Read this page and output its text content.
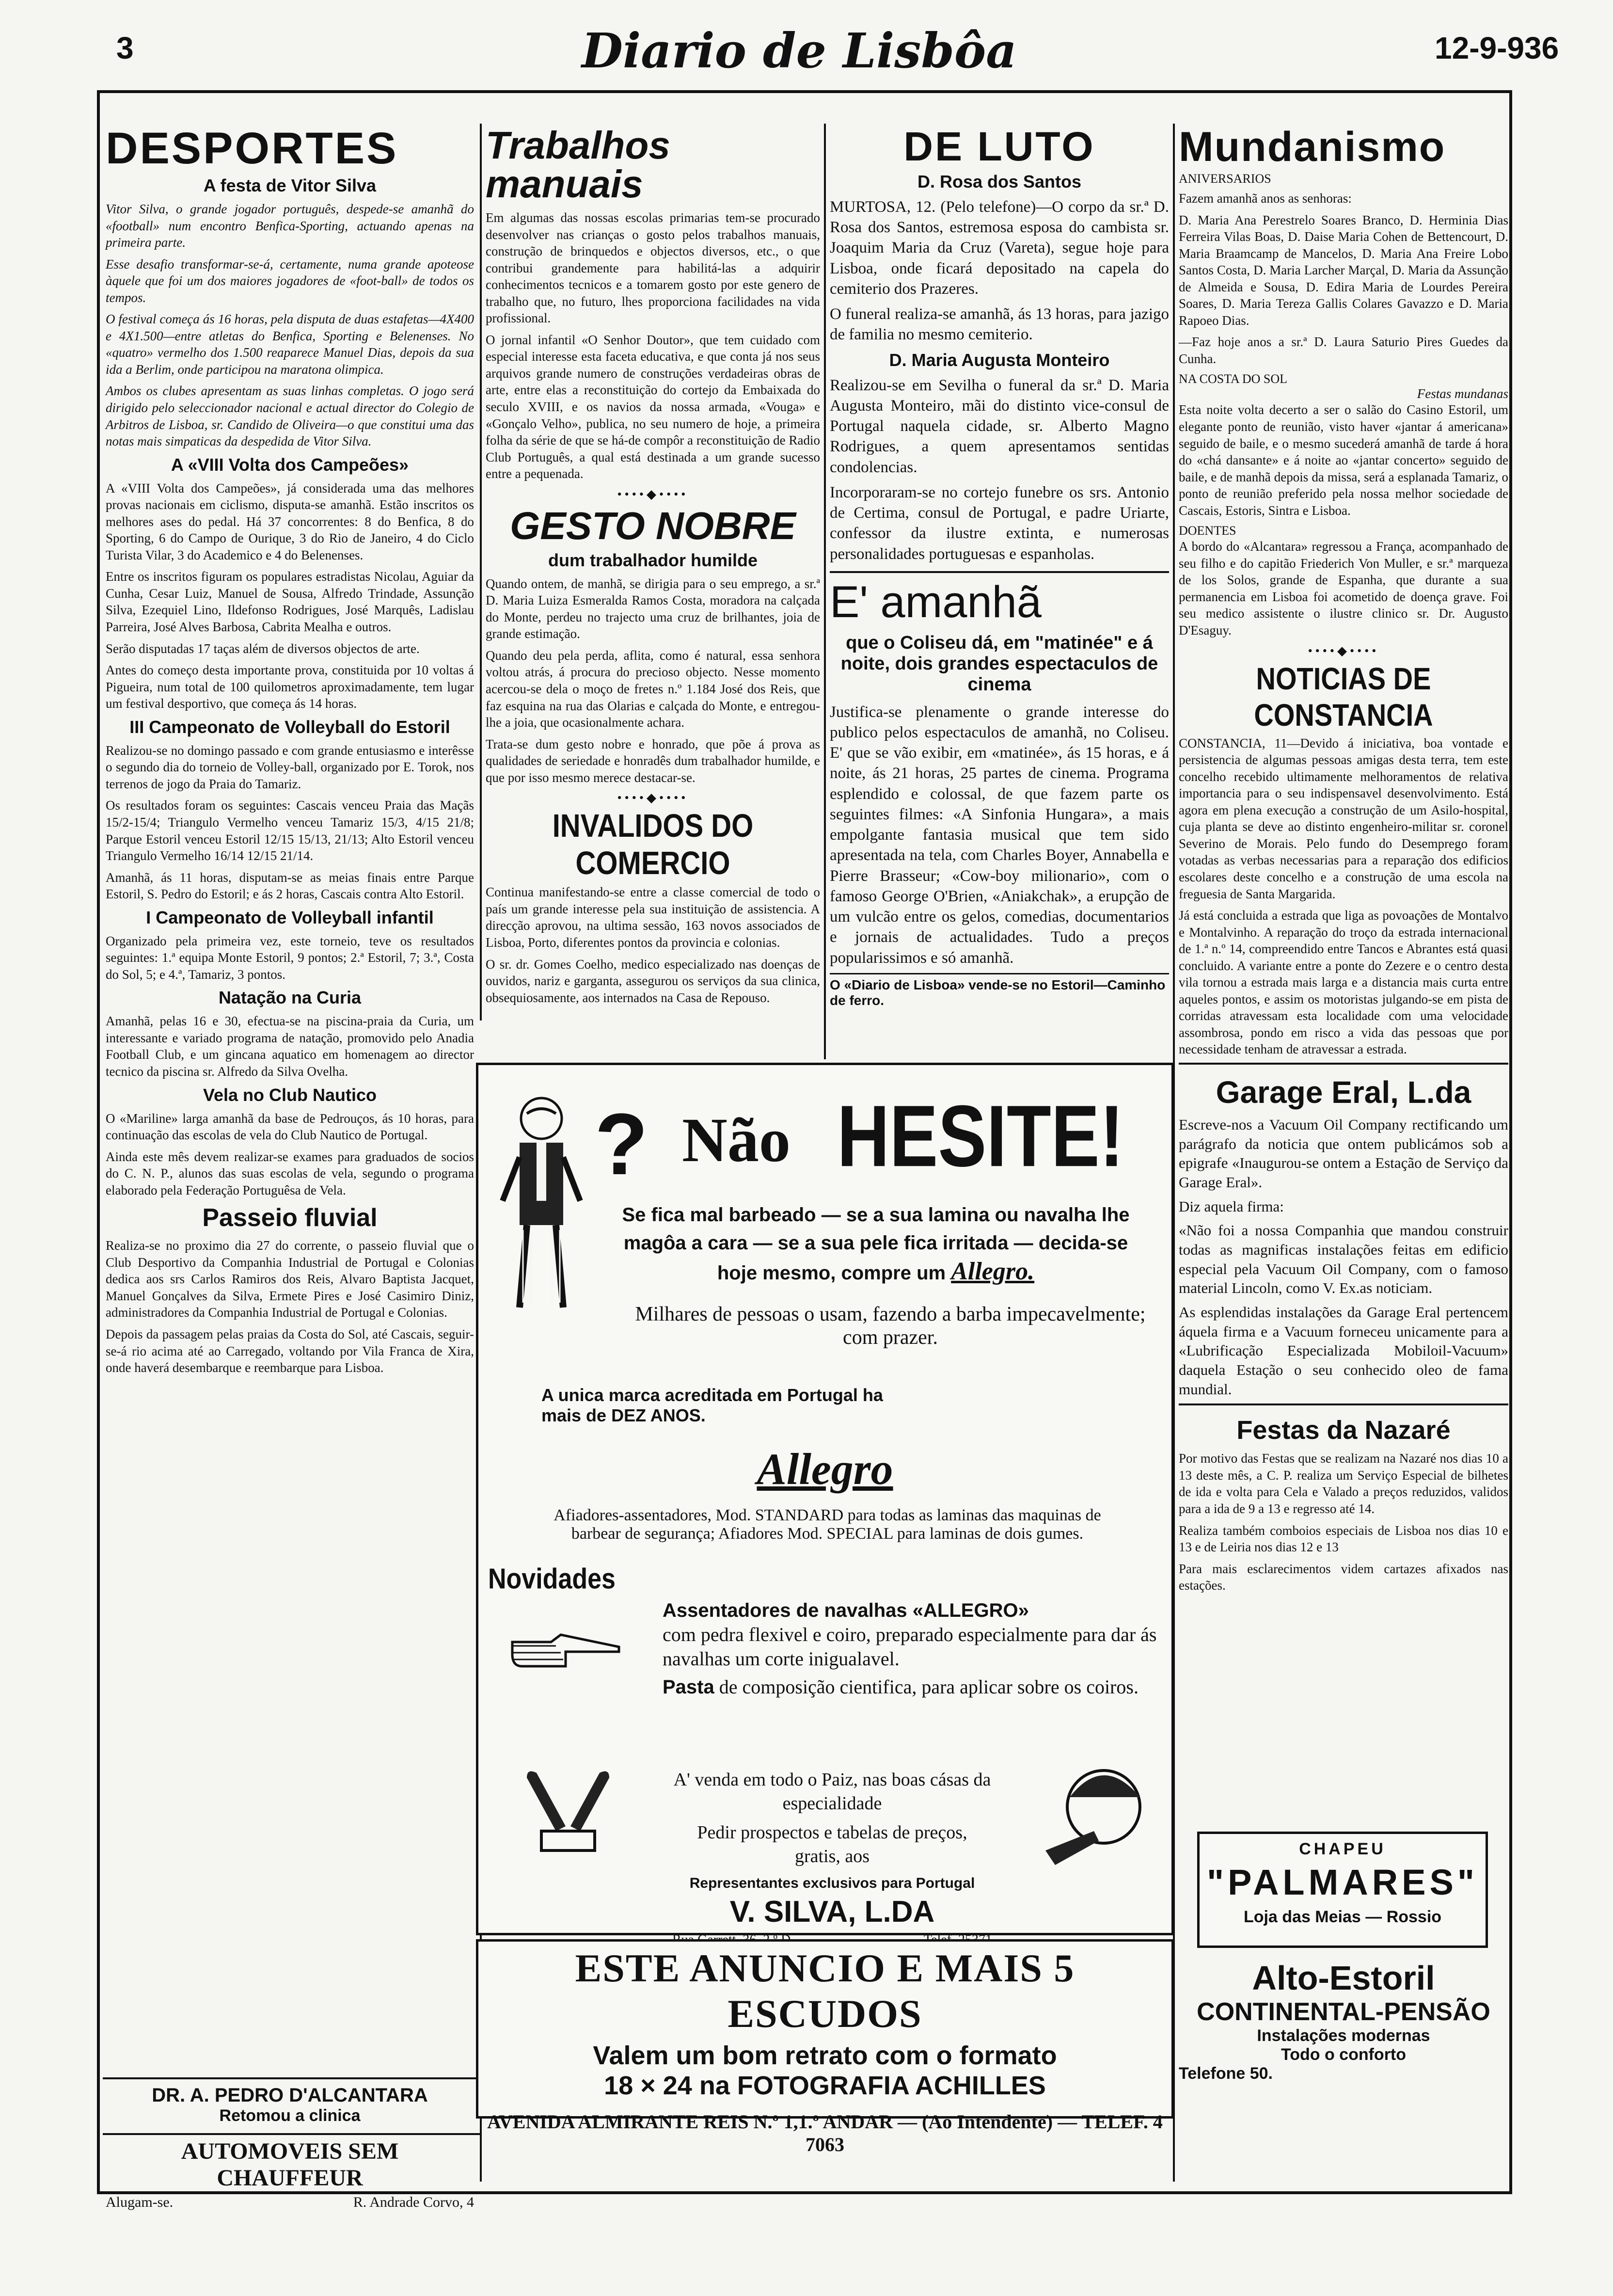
3	Diario de Lisbôa	12-9-936
DESPORTES
A festa de Vitor Silva

Vitor Silva, o grande jogador português, despede-se amanhã do «football» num encontro Benfica-Sporting, actuando apenas na primeira parte.

Esse desafio transformar-se-á, certamente, numa grande apoteose àquele que foi um dos maiores jogadores de «foot-ball» de todos os tempos.

O festival começa ás 16 horas, pela disputa de duas estafetas—4X400 e 4X1.500—entre atletas do Benfica, Sporting e Belenenses. No «quatro» vermelho dos 1.500 reaparece Manuel Dias, depois da sua ida a Berlim, onde participou na maratona olimpica.

Ambos os clubes apresentam as suas linhas completas. O jogo será dirigido pelo seleccionador nacional e actual director do Colegio de Arbitros de Lisboa, sr. Candido de Oliveira—o que constitui uma das notas mais simpaticas da despedida de Vitor Silva.

A «VIII Volta dos Campeões»

A «VIII Volta dos Campeões», já considerada uma das melhores provas nacionais em ciclismo, disputa-se amanhã. Estão inscritos os melhores ases do pedal. Há 37 concorrentes: 8 do Benfica, 8 do Sporting, 6 do Campo de Ourique, 3 do Rio de Janeiro, 4 do Ciclo Turista Vilar, 3 do Academico e 4 do Belenenses.

Entre os inscritos figuram os populares estradistas Nicolau, Aguiar da Cunha, Cesar Luiz, Manuel de Sousa, Alfredo Trindade, Assunção Silva, Ezequiel Lino, Ildefonso Rodrigues, José Marquês, Ladislau Parreira, José Alves Barbosa, Cabrita Mealha e outros.

Serão disputadas 17 taças além de diversos objectos de arte.

Antes do começo desta importante prova, constituida por 10 voltas á Pigueira, num total de 100 quilometros aproximadamente, tem lugar um festival desportivo, que começa ás 14 horas.

III Campeonato de Volleyball do Estoril

Realizou-se no domingo passado e com grande entusiasmo e interêsse o segundo dia do torneio de Volley-ball, organizado por E. Torok, nos terrenos de jogo da Praia do Tamariz.

Os resultados foram os seguintes: Cascais venceu Praia das Maçãs 15/2-15/4; Triangulo Vermelho venceu Tamariz 15/3, 4/15 21/8; Parque Estoril venceu Estoril 12/15 15/13, 21/13; Alto Estoril venceu Triangulo Vermelho 16/14 12/15 21/14.

Amanhã, ás 11 horas, disputam-se as meias finais entre Parque Estoril, S. Pedro do Estoril; e ás 2 horas, Cascais contra Alto Estoril.

I Campeonato de Volleyball infantil

Organizado pela primeira vez, este torneio, teve os resultados seguintes: 1.ª equipa Monte Estoril, 9 pontos; 2.ª Estoril, 7; 3.ª, Costa do Sol, 5; e 4.ª, Tamariz, 3 pontos.

Natação na Curia

Amanhã, pelas 16 e 30, efectua-se na piscina-praia da Curia, um interessante e variado programa de natação, promovido pelo Anadia Football Club, e um gincana aquatico em homenagem ao director tecnico da piscina sr. Alfredo da Silva Ovelha.

Vela no Club Nautico

O «Mariline» larga amanhã da base de Pedrouços, ás 10 horas, para continuação das escolas de vela do Club Nautico de Portugal.

Ainda este mês devem realizar-se exames para graduados de socios do C. N. P., alunos das suas escolas de vela, segundo o programa elaborado pela Federação Portuguêsa de Vela.

Passeio fluvial

Realiza-se no proximo dia 27 do corrente, o passeio fluvial que o Club Desportivo da Companhia Industrial de Portugal e Colonias dedica aos srs Carlos Ramiros dos Reis, Alvaro Baptista Jacquet, Manuel Gonçalves da Silva, Ermete Pires e José Casimiro Diniz, administradores da Companhia Industrial de Portugal e Colonias.

Depois da passagem pelas praias da Costa do Sol, até Cascais, seguir-se-á rio acima até ao Carregado, voltando por Vila Franca de Xira, onde haverá desembarque e reembarque para Lisboa.

DR. A. PEDRO D'ALCANTARA
Retomou a clinica
AUTOMOVEIS SEM CHAUFFEUR
Alugam-se.	R. Andrade Corvo, 4
Trabalhos manuais

Em algumas das nossas escolas primarias tem-se procurado desenvolver nas crianças o gosto pelos trabalhos manuais, construção de brinquedos e objectos diversos, etc., o que contribui grandemente para habilitá-las a adquirir conhecimentos tecnicos e a tomarem gosto por este genero de trabalho que, no futuro, lhes proporciona facilidades na vida profissional.

O jornal infantil «O Senhor Doutor», que tem cuidado com especial interesse esta faceta educativa, e que conta já nos seus arquivos grande numero de construções verdadeiras obras de arte, entre elas a reconstituição do cortejo da Embaixada do seculo XVIII, e os navios da nossa armada, «Vouga» e «Gonçalo Velho», publica, no seu numero de hoje, a primeira folha da série de que se há-de compôr a reconstituição de Radio Club Português, a qual está destinada a um grande sucesso entre a pequenada.

••••◆••••
GESTO NOBRE
dum trabalhador humilde

Quando ontem, de manhã, se dirigia para o seu emprego, a sr.ª D. Maria Luiza Esmeralda Ramos Costa, moradora na calçada do Monte, perdeu no trajecto uma cruz de brilhantes, joia de grande estimação.

Quando deu pela perda, aflita, como é natural, essa senhora voltou atrás, á procura do precioso objecto. Nesse momento acercou-se dela o moço de fretes n.º 1.184 José dos Reis, que faz esquina na rua das Olarias e calçada do Monte, e entregou-lhe a joia, que ocasionalmente achara.

Trata-se dum gesto nobre e honrado, que põe á prova as qualidades de seriedade e honradês dum trabalhador humilde, e que por isso mesmo merece destacar-se.

••••◆••••
INVALIDOS DO COMERCIO

Continua manifestando-se entre a classe comercial de todo o país um grande interesse pela sua instituição de assistencia. A direcção aprovou, na ultima sessão, 163 novos associados de Lisboa, Porto, diferentes pontos da provincia e colonias.

O sr. dr. Gomes Coelho, medico especializado nas doenças de ouvidos, nariz e garganta, assegurou os serviços da sua clinica, obsequiosamente, aos internados na Casa de Repouso.

DE LUTO
D. Rosa dos Santos

MURTOSA, 12. (Pelo telefone)—O corpo da sr.ª D. Rosa dos Santos, estremosa esposa do cambista sr. Joaquim Maria da Cruz (Vareta), segue hoje para Lisboa, onde ficará depositado na capela do cemiterio dos Prazeres.

O funeral realiza-se amanhã, ás 13 horas, para jazigo de familia no mesmo cemiterio.

D. Maria Augusta Monteiro

Realizou-se em Sevilha o funeral da sr.ª D. Maria Augusta Monteiro, mãi do distinto vice-consul de Portugal naquela cidade, sr. Alberto Magno Rodrigues, a quem apresentamos sentidas condolencias.

Incorporaram-se no cortejo funebre os srs. Antonio de Certima, consul de Portugal, e padre Uriarte, confessor da ilustre extinta, e numerosas personalidades portuguesas e espanholas.

E' amanhã
que o Coliseu dá, em "matinée" e á noite, dois grandes espectaculos de cinema

Justifica-se plenamente o grande interesse do publico pelos espectaculos de amanhã, no Coliseu. E' que se vão exibir, em «matinée», ás 15 horas, e á noite, ás 21 horas, 25 partes de cinema. Programa esplendido e colossal, de que fazem parte os seguintes filmes: «A Sinfonia Hungara», a mais empolgante fantasia musical que tem sido apresentada na tela, com Charles Boyer, Annabella e Pierre Brasseur; «Cow-boy milionario», com o famoso George O'Brien, «Aniakchak», a erupção de um vulcão entre os gelos, comedias, documentarios e jornais de actualidades. Tudo a preços popularissimos e só amanhã.

O «Diario de Lisboa» vende-se no Estoril—Caminho de ferro.
Mundanismo
ANIVERSARIOS

Fazem amanhã anos as senhoras:

D. Maria Ana Perestrelo Soares Branco, D. Herminia Dias Ferreira Vilas Boas, D. Daise Maria Cohen de Bettencourt, D. Maria Braamcamp de Mancelos, D. Maria Ana Freire Lobo Santos Costa, D. Maria Larcher Marçal, D. Maria da Assunção de Almeida e Sousa, D. Edira Maria de Lourdes Pereira Soares, D. Maria Tereza Gallis Colares Gavazzo e D. Maria Rapoeo Dias.

—Faz hoje anos a sr.ª D. Laura Saturio Pires Guedes da Cunha.

NA COSTA DO SOL
Festas mundanas

Esta noite volta decerto a ser o salão do Casino Estoril, um elegante ponto de reunião, visto haver «jantar á americana» seguido de baile, e o mesmo sucederá amanhã de tarde á hora do «chá dansante» e á noite ao «jantar concerto» seguido de baile, e de manhã depois da missa, será a esplanada Tamariz, o ponto de reunião preferido pela nossa melhor sociedade de Cascais, Estoris, Sintra e Lisboa.

DOENTES

A bordo do «Alcantara» regressou a França, acompanhado de seu filho e do capitão Friederich Von Muller, e sr.ª marqueza de los Solos, grande de Espanha, que durante a sua permanencia em Lisboa foi acometido de doença grave. Foi seu medico assistente o ilustre clinico sr. Dr. Augusto D'Esaguy.

••••◆••••
NOTICIAS DE CONSTANCIA

CONSTANCIA, 11—Devido á iniciativa, boa vontade e persistencia de algumas pessoas amigas desta terra, tem este concelho recebido ultimamente melhoramentos de relativa importancia para o seu indispensavel desenvolvimento. Está agora em plena execução a construção de um Asilo-hospital, cuja planta se deve ao distinto engenheiro-militar sr. coronel Severino de Morais. Pelo fundo do Desemprego foram votadas as verbas necessarias para a reparação dos edificios escolares deste concelho e a construção de uma escola na freguesia de Santa Margarida.

Já está concluida a estrada que liga as povoações de Montalvo e Montalvinho. A reparação do troço da estrada internacional de 1.ª n.º 14, compreendido entre Tancos e Abrantes está quasi concluido. A variante entre a ponte do Zezere e o centro desta vila tornou a estrada mais larga e a distancia mais curta entre aqueles pontos, e assim os motoristas julgando-se em pista de corridas atravessam esta localidade com uma velocidade assombrosa, pondo em risco a vida das pessoas que por necessidade tenham de atravessar a estrada.

Garage Eral, L.da

Escreve-nos a Vacuum Oil Company rectificando um parágrafo da noticia que ontem publicámos sob a epigrafe «Inaugurou-se ontem a Estação de Serviço da Garage Eral».

Diz aquela firma:

«Não foi a nossa Companhia que mandou construir todas as magnificas instalações feitas em edificio especial pela Vacuum Oil Company, com o famoso material Lincoln, como V. Ex.as noticiam.

As esplendidas instalações da Garage Eral pertencem áquela firma e a Vacuum forneceu unicamente para a «Lubrificação Especializada Mobiloil-Vacuum» daquela Estação o seu conhecido oleo de fama mundial.

Festas da Nazaré

Por motivo das Festas que se realizam na Nazaré nos dias 10 a 13 deste mês, a C. P. realiza um Serviço Especial de bilhetes de ida e volta para Cela e Valado a preços reduzidos, validos para a ida de 9 a 13 e regresso até 14.

Realiza também comboios especiais de Lisboa nos dias 10 e 13 e de Leiria nos dias 12 e 13

Para mais esclarecimentos videm cartazes afixados nas estações.

CHAPEU
"PALMARES"
Loja das Meias — Rossio
Alto-Estoril
CONTINENTAL-PENSÃO
Instalações modernas
Todo o conforto
Telefone 50.
? Não HESITE!
Se fica mal barbeado — se a sua lamina ou navalha lhe magôa a cara — se a sua pele fica irritada — decida-se hoje mesmo, compre um Allegro.
Milhares de pessoas o usam, fazendo a barba impecavelmente; com prazer.
A unica marca acreditada em Portugal ha mais de DEZ ANOS.
Allegro
Afiadores-assentadores, Mod. STANDARD para todas as laminas das maquinas de barbear de segurança; Afiadores Mod. SPECIAL para laminas de dois gumes.
Novidades
Assentadores de navalhas «ALLEGRO»
com pedra flexivel e coiro, preparado especialmente para dar ás navalhas um corte inigualavel.
Pasta de composição cientifica, para aplicar sobre os coiros.
A' venda em todo o Paiz, nas boas cásas da especialidade
Pedir prospectos e tabelas de preços, gratis, aos
Representantes exclusivos para Portugal
V. SILVA, L.DA
ESTE ANUNCIO E MAIS 5 ESCUDOS
Valem um bom retrato com o formato
18 × 24 na FOTOGRAFIA ACHILLES
AVENIDA ALMIRANTE REIS N.º 1,1.º ANDAR — (Ao Intendente) — TELEF. 4 7063
